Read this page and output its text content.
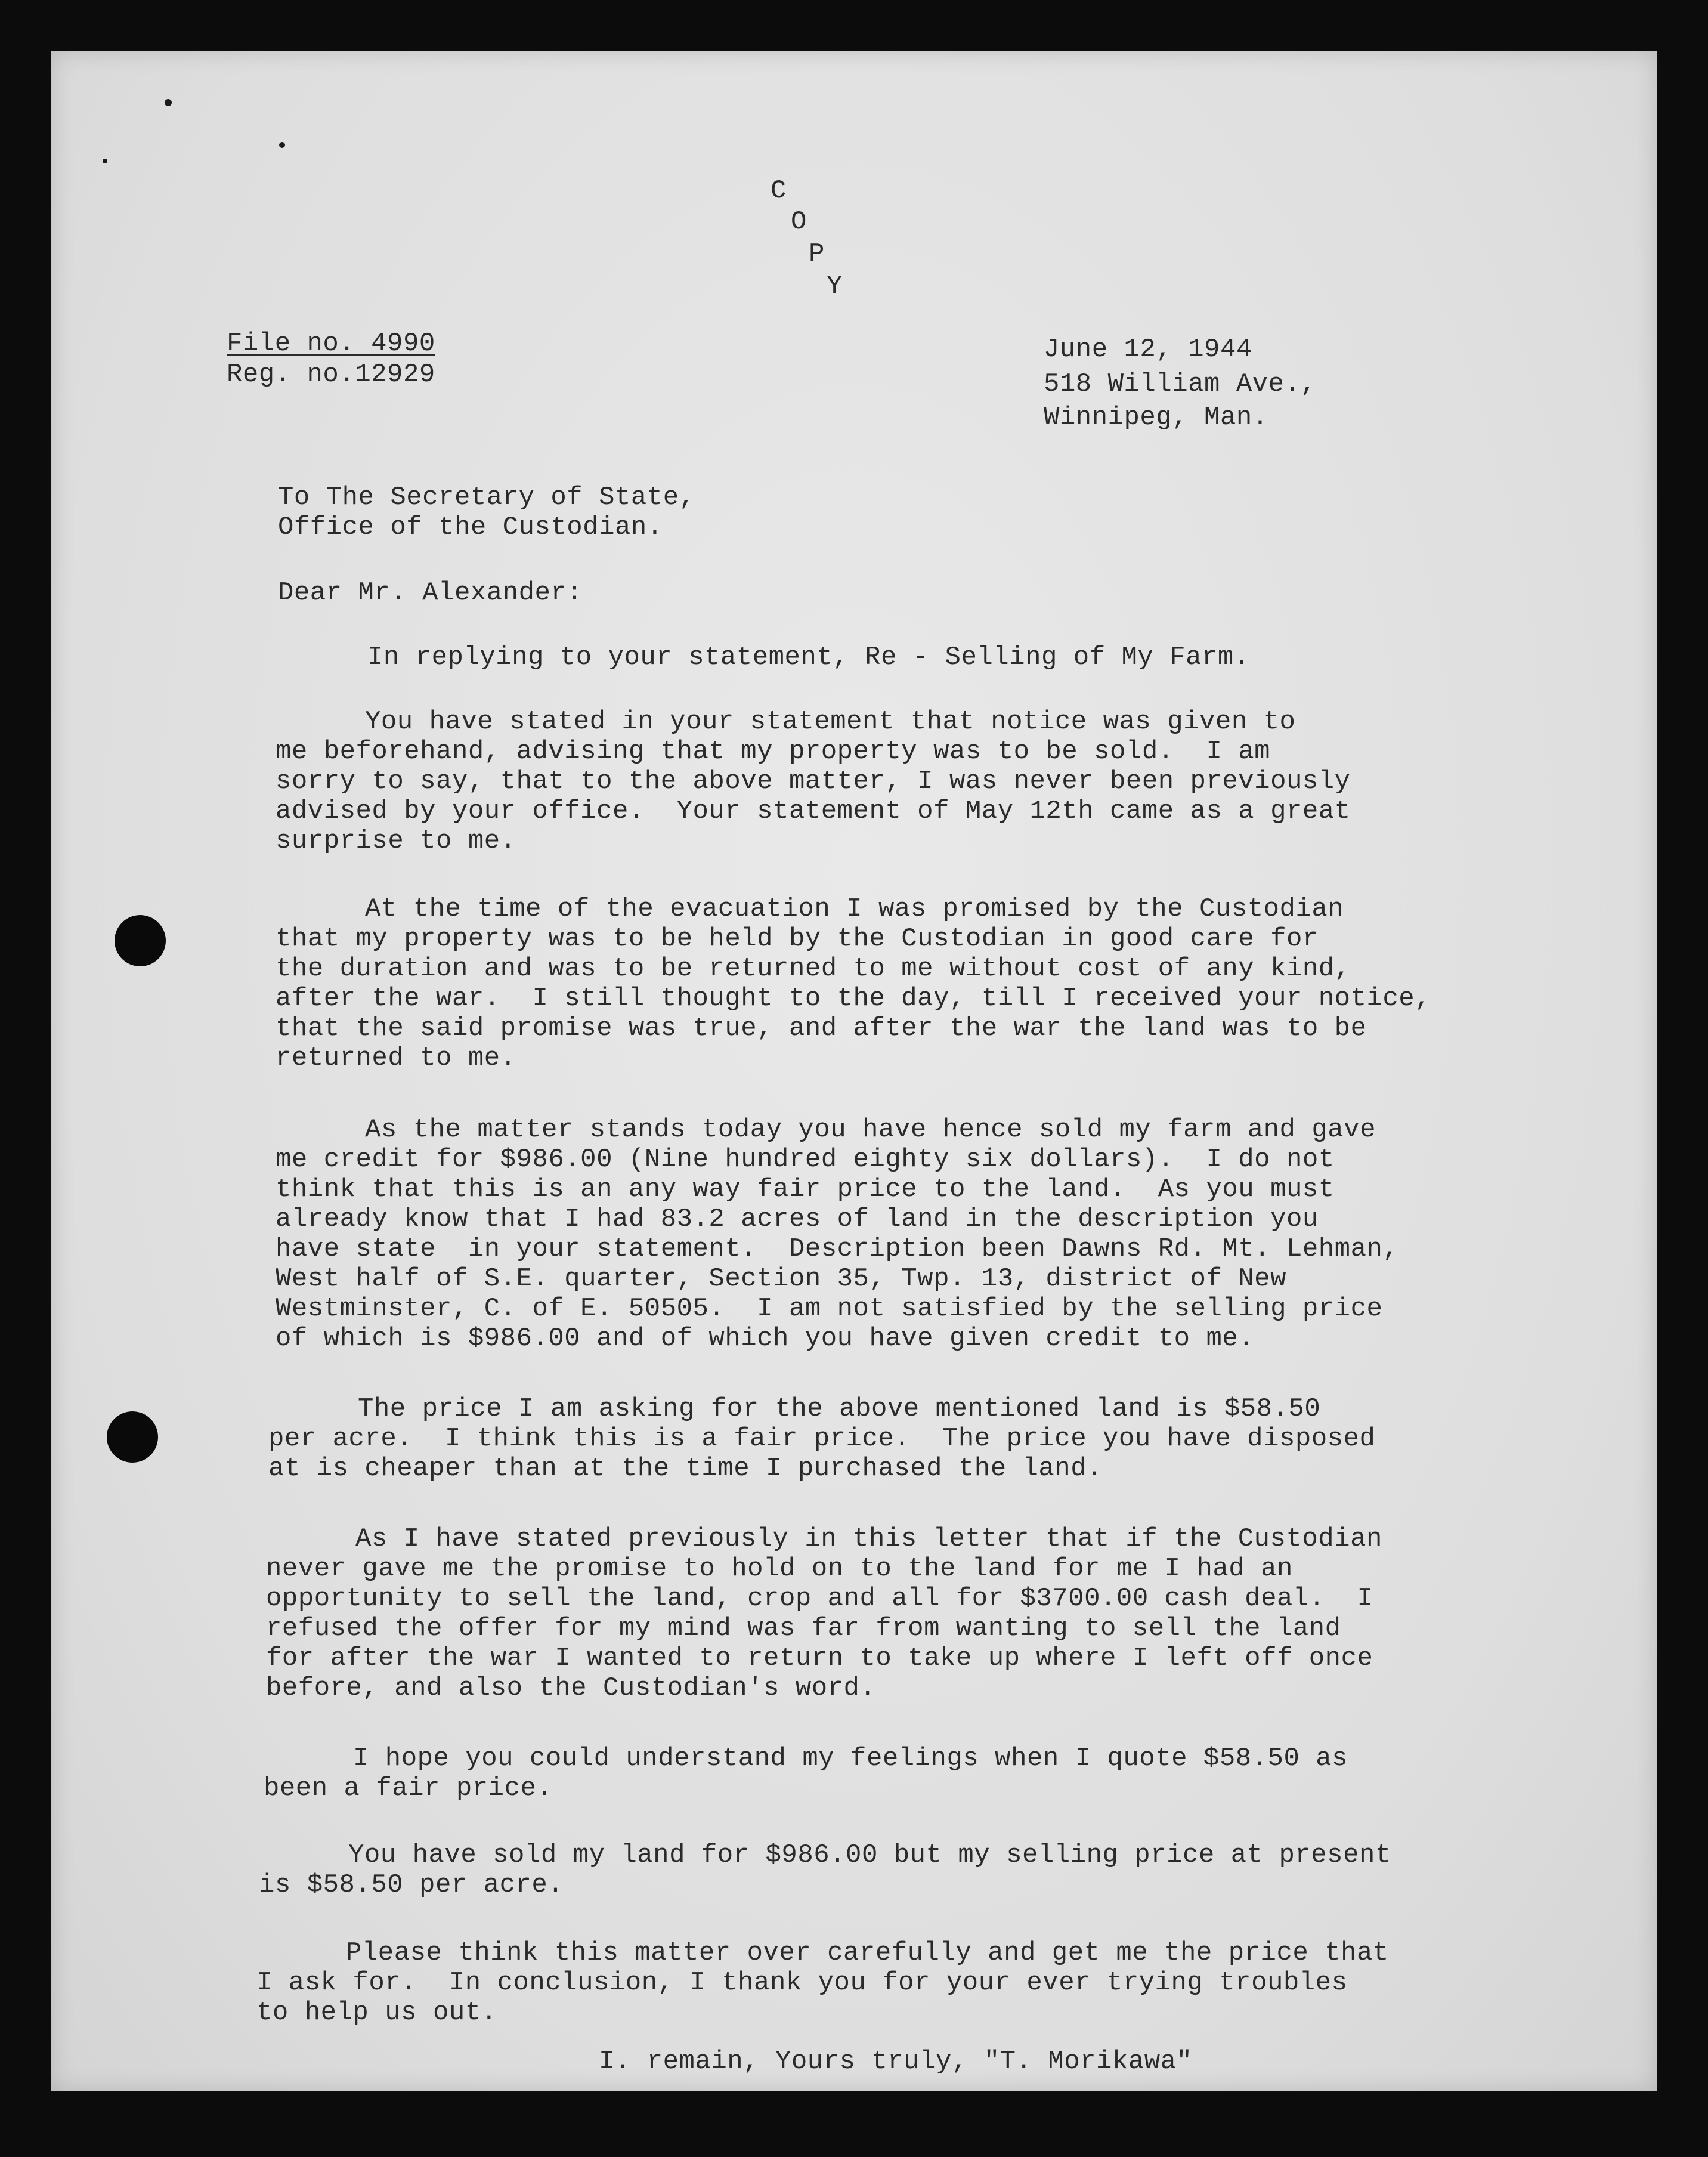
C
O
P
Y
File no. 4990
Reg. no.12929
June 12, 1944
518 William Ave.,
Winnipeg, Man.
To The Secretary of State,
Office of the Custodian.
Dear Mr. Alexander:
In replying to your statement, Re - Selling of My Farm.
You have stated in your statement that notice was given to
me beforehand, advising that my property was to be sold.  I am
sorry to say, that to the above matter, I was never been previously
advised by your office.  Your statement of May 12th came as a great
surprise to me.
At the time of the evacuation I was promised by the Custodian
that my property was to be held by the Custodian in good care for
the duration and was to be returned to me without cost of any kind,
after the war.  I still thought to the day, till I received your notice,
that the said promise was true, and after the war the land was to be
returned to me.
As the matter stands today you have hence sold my farm and gave
me credit for $986.00 (Nine hundred eighty six dollars).  I do not
think that this is an any way fair price to the land.  As you must
already know that I had 83.2 acres of land in the description you
have state  in your statement.  Description been Dawns Rd. Mt. Lehman,
West half of S.E. quarter, Section 35, Twp. 13, district of New
Westminster, C. of E. 50505.  I am not satisfied by the selling price
of which is $986.00 and of which you have given credit to me.
The price I am asking for the above mentioned land is $58.50
per acre.  I think this is a fair price.  The price you have disposed
at is cheaper than at the time I purchased the land.
As I have stated previously in this letter that if the Custodian
never gave me the promise to hold on to the land for me I had an
opportunity to sell the land, crop and all for $3700.00 cash deal.  I
refused the offer for my mind was far from wanting to sell the land
for after the war I wanted to return to take up where I left off once
before, and also the Custodian's word.
I hope you could understand my feelings when I quote $58.50 as
been a fair price.
You have sold my land for $986.00 but my selling price at present
is $58.50 per acre.
Please think this matter over carefully and get me the price that
I ask for.  In conclusion, I thank you for your ever trying troubles
to help us out.
I. remain, Yours truly, "T. Morikawa"
